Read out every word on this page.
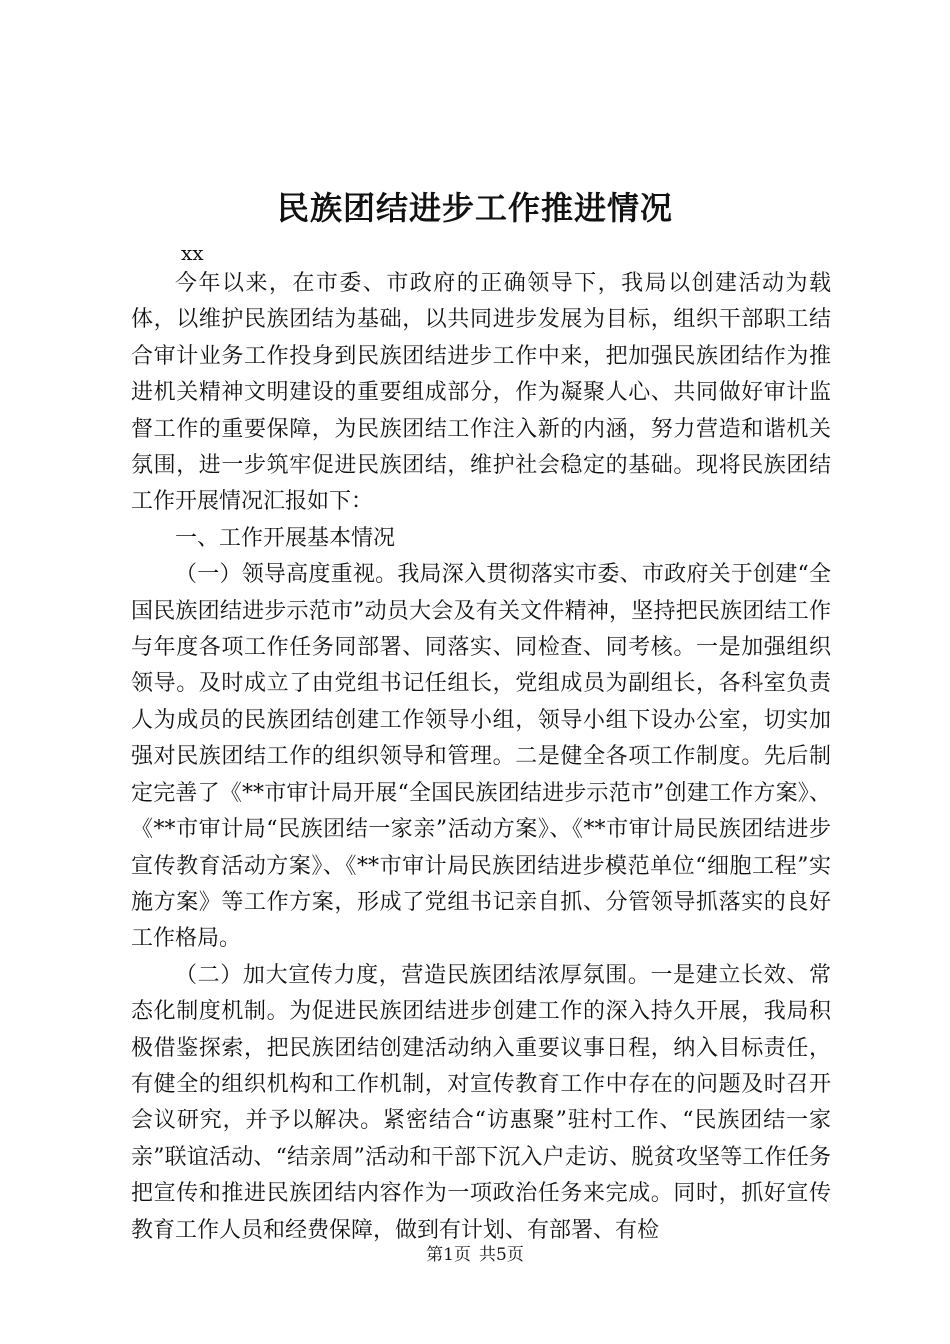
民族团结进步工作推进情况
xx

今年以来，在市委、市政府的正确领导下，我局以创建活动为载体，以维护民族团结为基础，以共同进步发展为目标，组织干部职工结合审计业务工作投身到民族团结进步工作中来，把加强民族团结作为推进机关精神文明建设的重要组成部分，作为凝聚人心、共同做好审计监督工作的重要保障，为民族团结工作注入新的内涵，努力营造和谐机关氛围，进一步筑牢促进民族团结，维护社会稳定的基础。现将民族团结工作开展情况汇报如下：

一、工作开展基本情况

（一）领导高度重视。我局深入贯彻落实市委、市政府关于创建“全国民族团结进步示范市”动员大会及有关文件精神，坚持把民族团结工作与年度各项工作任务同部署、同落实、同检查、同考核。一是加强组织领导。及时成立了由党组书记任组长，党组成员为副组长，各科室负责人为成员的民族团结创建工作领导小组，领导小组下设办公室，切实加强对民族团结工作的组织领导和管理。二是健全各项工作制度。先后制定完善了《**市审计局开展“全国民族团结进步示范市”创建工作方案》、《**市审计局“民族团结一家亲”活动方案》、《**市审计局民族团结进步宣传教育活动方案》、《**市审计局民族团结进步模范单位“细胞工程”实施方案》等工作方案，形成了党组书记亲自抓、分管领导抓落实的良好工作格局。

（二）加大宣传力度，营造民族团结浓厚氛围。一是建立长效、常态化制度机制。为促进民族团结进步创建工作的深入持久开展，我局积极借鉴探索，把民族团结创建活动纳入重要议事日程，纳入目标责任，有健全的组织机构和工作机制，对宣传教育工作中存在的问题及时召开会议研究，并予以解决。紧密结合“访惠聚”驻村工作、“民族团结一家亲”联谊活动、“结亲周”活动和干部下沉入户走访、脱贫攻坚等工作任务把宣传和推进民族团结内容作为一项政治任务来完成。同时，抓好宣传教育工作人员和经费保障，做到有计划、有部署、有检

第1页 共5页
